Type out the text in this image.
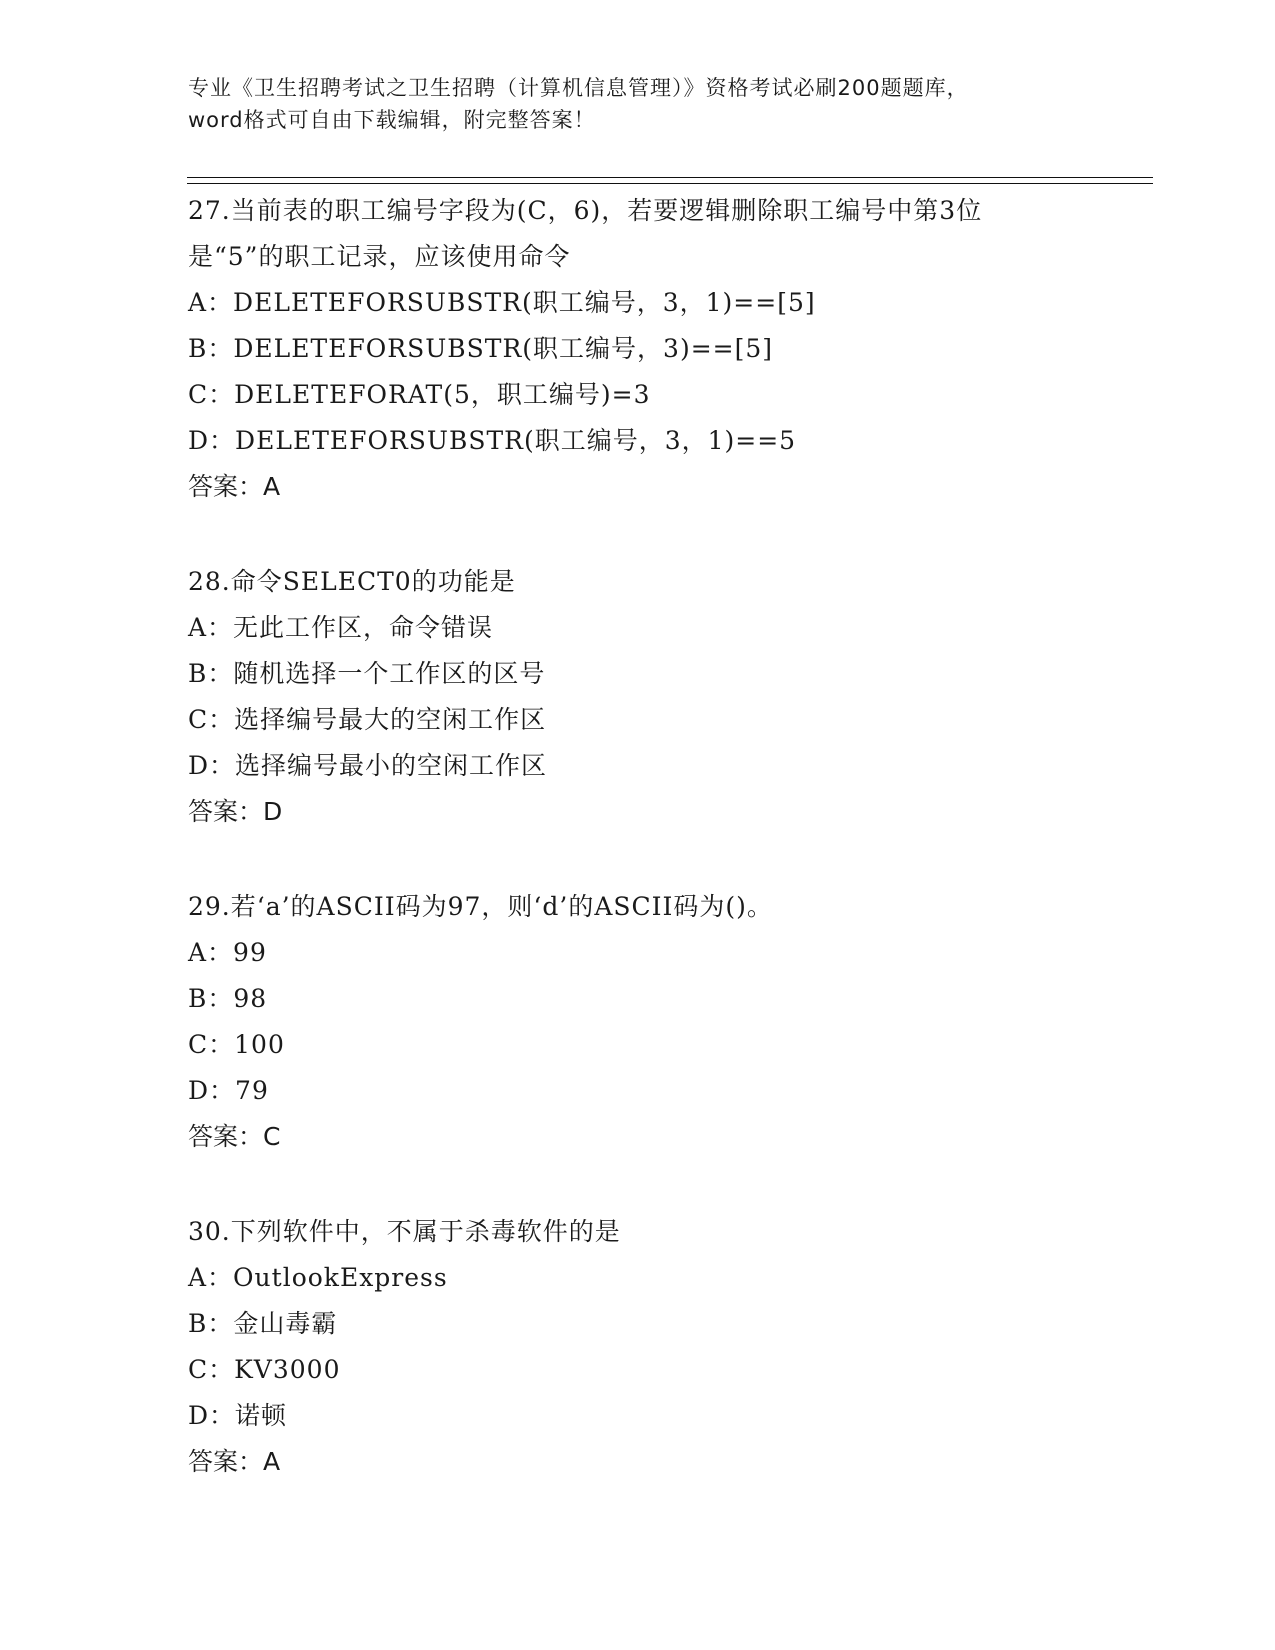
专业《卫生招聘考试之卫生招聘（计算机信息管理）》资格考试必刷200题题库，
word格式可自由下载编辑，附完整答案！
27.当前表的职工编号字段为(C，6)，若要逻辑删除职工编号中第3位
是“5”的职工记录，应该使用命令
A：DELETEFORSUBSTR(职工编号，3，1)==[5]
B：DELETEFORSUBSTR(职工编号，3)==[5]
C：DELETEFORAT(5，职工编号)=3
D：DELETEFORSUBSTR(职工编号，3，1)==5
答案：A
28.命令SELECT0的功能是
A：无此工作区，命令错误
B：随机选择一个工作区的区号
C：选择编号最大的空闲工作区
D：选择编号最小的空闲工作区
答案：D
29.若‘a’的ASCII码为97，则‘d’的ASCII码为()。
A：99
B：98
C：100
D：79
答案：C
30.下列软件中，不属于杀毒软件的是
A：OutlookExpress
B：金山毒霸
C：KV3000
D：诺顿
答案：A
